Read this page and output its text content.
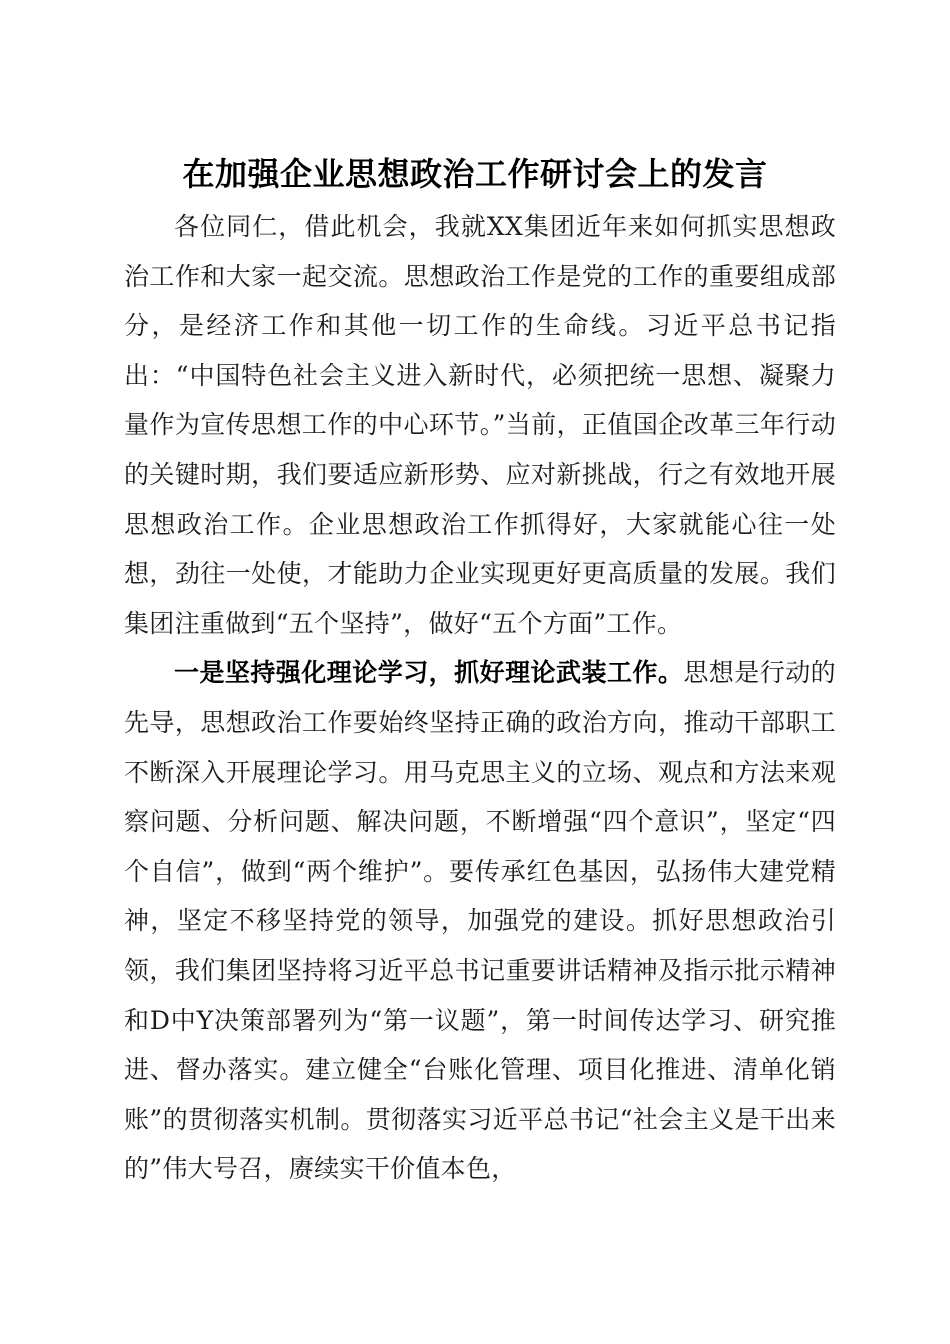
在加强企业思想政治工作研讨会上的发言

各位同仁，借此机会，我就XX集团近年来如何抓实思想政治工作和大家一起交流。思想政治工作是党的工作的重要组成部分，是经济工作和其他一切工作的生命线。习近平总书记指出：“中国特色社会主义进入新时代，必须把统一思想、凝聚力量作为宣传思想工作的中心环节。”当前，正值国企改革三年行动的关键时期，我们要适应新形势、应对新挑战，行之有效地开展思想政治工作。企业思想政治工作抓得好，大家就能心往一处想，劲往一处使，才能助力企业实现更好更高质量的发展。我们集团注重做到“五个坚持”，做好“五个方面”工作。

一是坚持强化理论学习，抓好理论武装工作。思想是行动的先导，思想政治工作要始终坚持正确的政治方向，推动干部职工不断深入开展理论学习。用马克思主义的立场、观点和方法来观察问题、分析问题、解决问题，不断增强“四个意识”，坚定“四个自信”，做到“两个维护”。要传承红色基因，弘扬伟大建党精神，坚定不移坚持党的领导，加强党的建设。抓好思想政治引领，我们集团坚持将习近平总书记重要讲话精神及指示批示精神和D中Y决策部署列为“第一议题”，第一时间传达学习、研究推进、督办落实。建立健全“台账化管理、项目化推进、清单化销账”的贯彻落实机制。贯彻落实习近平总书记“社会主义是干出来的”伟大号召，赓续实干价值本色，
